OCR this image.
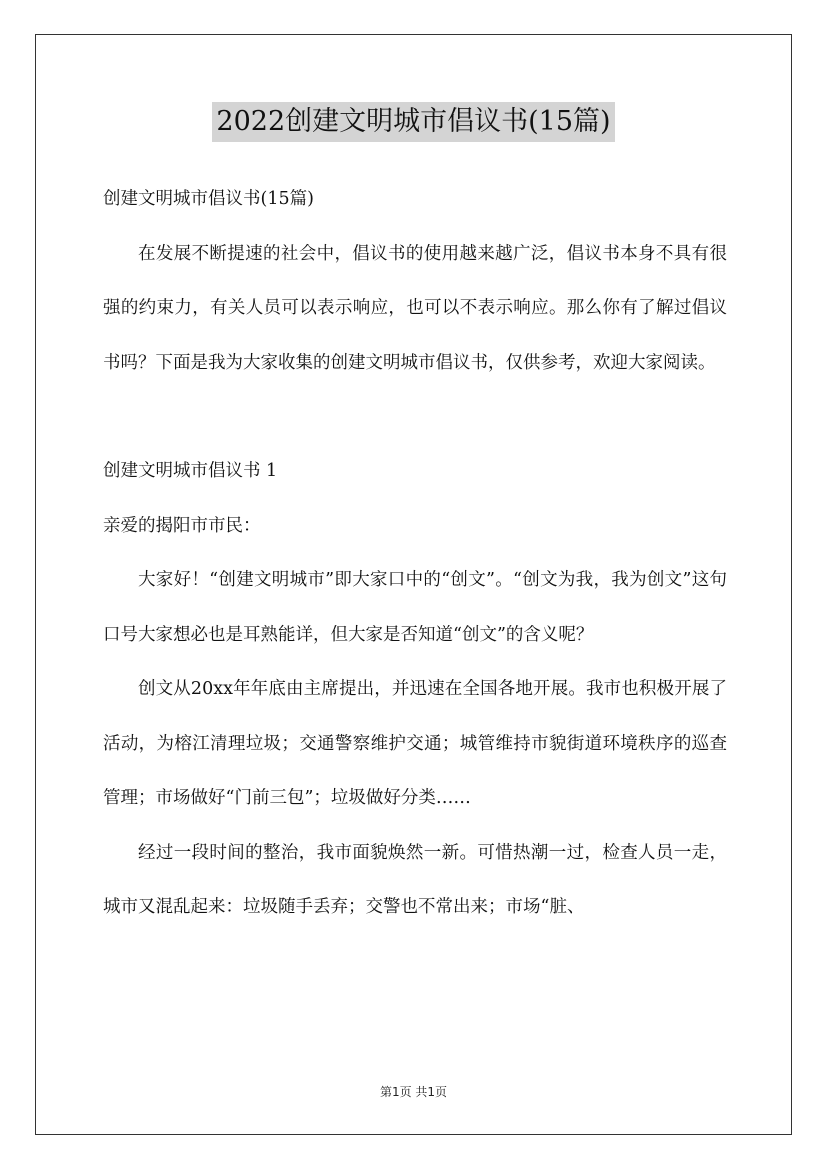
2022创建文明城市倡议书(15篇)

创建文明城市倡议书(15篇)

在发展不断提速的社会中，倡议书的使用越来越广泛，倡议书本身不具有很强的约束力，有关人员可以表示响应，也可以不表示响应。那么你有了解过倡议书吗？下面是我为大家收集的创建文明城市倡议书，仅供参考，欢迎大家阅读。

创建文明城市倡议书 1

亲爱的揭阳市市民：

大家好！“创建文明城市”即大家口中的“创文”。“创文为我，我为创文”这句口号大家想必也是耳熟能详，但大家是否知道“创文”的含义呢？

创文从20xx年年底由主席提出，并迅速在全国各地开展。我市也积极开展了活动，为榕江清理垃圾；交通警察维护交通；城管维持市貌街道环境秩序的巡查管理；市场做好“门前三包”；垃圾做好分类……

经过一段时间的整治，我市面貌焕然一新。可惜热潮一过，检查人员一走，城市又混乱起来：垃圾随手丢弃；交警也不常出来；市场“脏、

第1页 共1页
